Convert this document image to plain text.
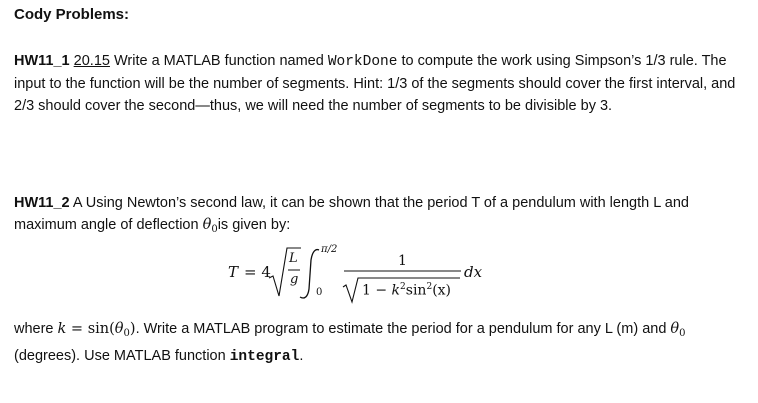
Cody Problems:
HW11_1 20.15 Write a MATLAB function named WorkDone to compute the work using Simpson’s 1/3 rule. The input to the function will be the number of segments. Hint: 1/3 of the segments should cover the first interval, and 2/3 should cover the second—thus, we will need the number of segments to be divisible by 3.
HW11_2 A Using Newton’s second law, it can be shown that the period T of a pendulum with length L and maximum angle of deflection $\theta_0is$ given by:
T = 4
L
g
π/2
0
1
$1 - k^2\sin^2(x)$
dx
where $k = \sin(\theta_0)$. Write a MATLAB program to estimate the period for a pendulum for any L (m) and $\theta_0$ (degrees). Use MATLAB function integral.
